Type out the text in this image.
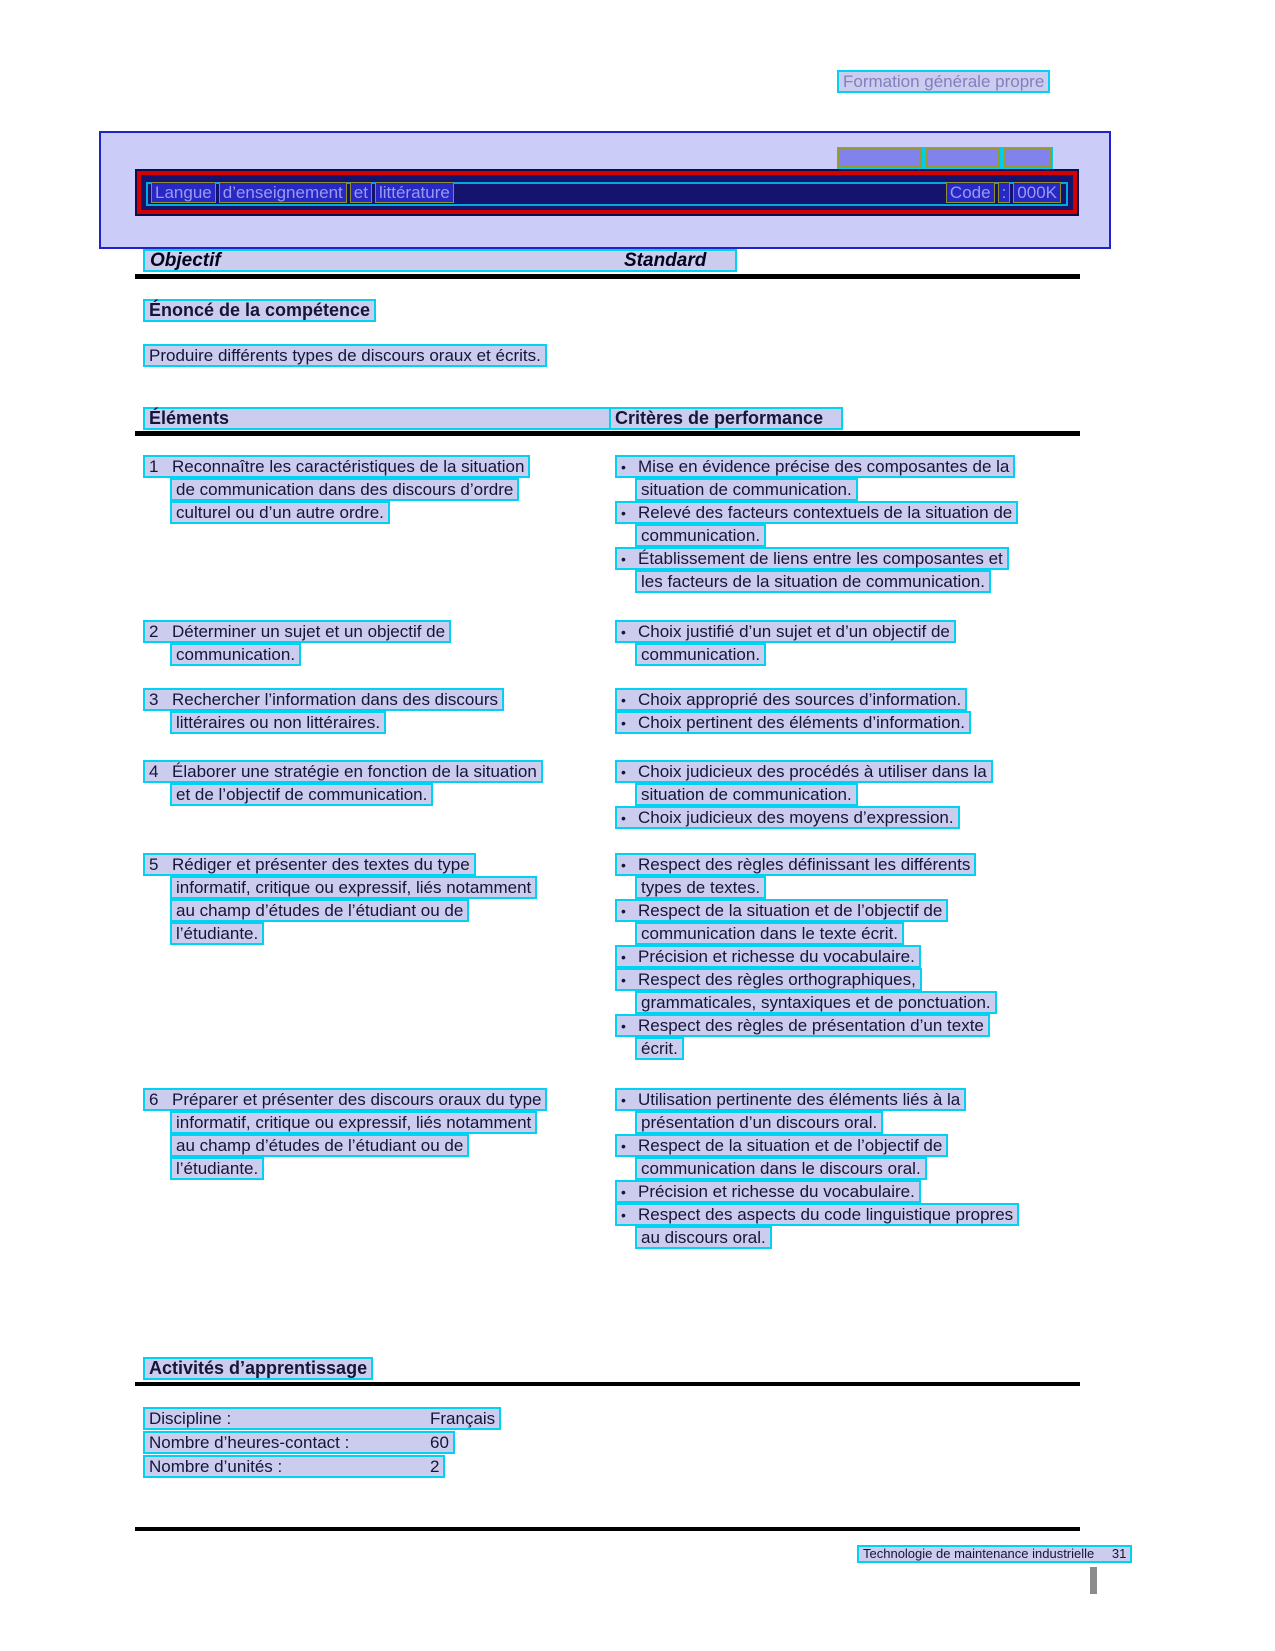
Formation générale propre
Langue d’enseignement et littérature	Code : 000K
Objectif	Standard
Énoncé de la compétence
Produire différents types de discours oraux et écrits.
Éléments	Critères de performance
1 Reconnaître les caractéristiques de la situation
de communication dans des discours d’ordre
culturel ou d’un autre ordre.
• Mise en évidence précise des composantes de la
situation de communication.
• Relevé des facteurs contextuels de la situation de
communication.
• Établissement de liens entre les composantes et
les facteurs de la situation de communication.
2 Déterminer un sujet et un objectif de
communication.
• Choix justifié d’un sujet et d’un objectif de
communication.
3 Rechercher l’information dans des discours
littéraires ou non littéraires.
• Choix approprié des sources d’information.
• Choix pertinent des éléments d’information.
4 Élaborer une stratégie en fonction de la situation
et de l’objectif de communication.
• Choix judicieux des procédés à utiliser dans la
situation de communication.
• Choix judicieux des moyens d’expression.
5 Rédiger et présenter des textes du type
informatif, critique ou expressif, liés notamment
au champ d’études de l’étudiant ou de
l’étudiante.
• Respect des règles définissant les différents
types de textes.
• Respect de la situation et de l’objectif de
communication dans le texte écrit.
• Précision et richesse du vocabulaire.
• Respect des règles orthographiques,
grammaticales, syntaxiques et de ponctuation.
• Respect des règles de présentation d’un texte
écrit.
6 Préparer et présenter des discours oraux du type
informatif, critique ou expressif, liés notamment
au champ d’études de l’étudiant ou de
l’étudiante.
• Utilisation pertinente des éléments liés à la
présentation d’un discours oral.
• Respect de la situation et de l’objectif de
communication dans le discours oral.
• Précision et richesse du vocabulaire.
• Respect des aspects du code linguistique propres
au discours oral.
Activités d’apprentissage
Discipline :	Français
Nombre d’heures-contact :	60
Nombre d’unités :	2
Technologie de maintenance industrielle 31
